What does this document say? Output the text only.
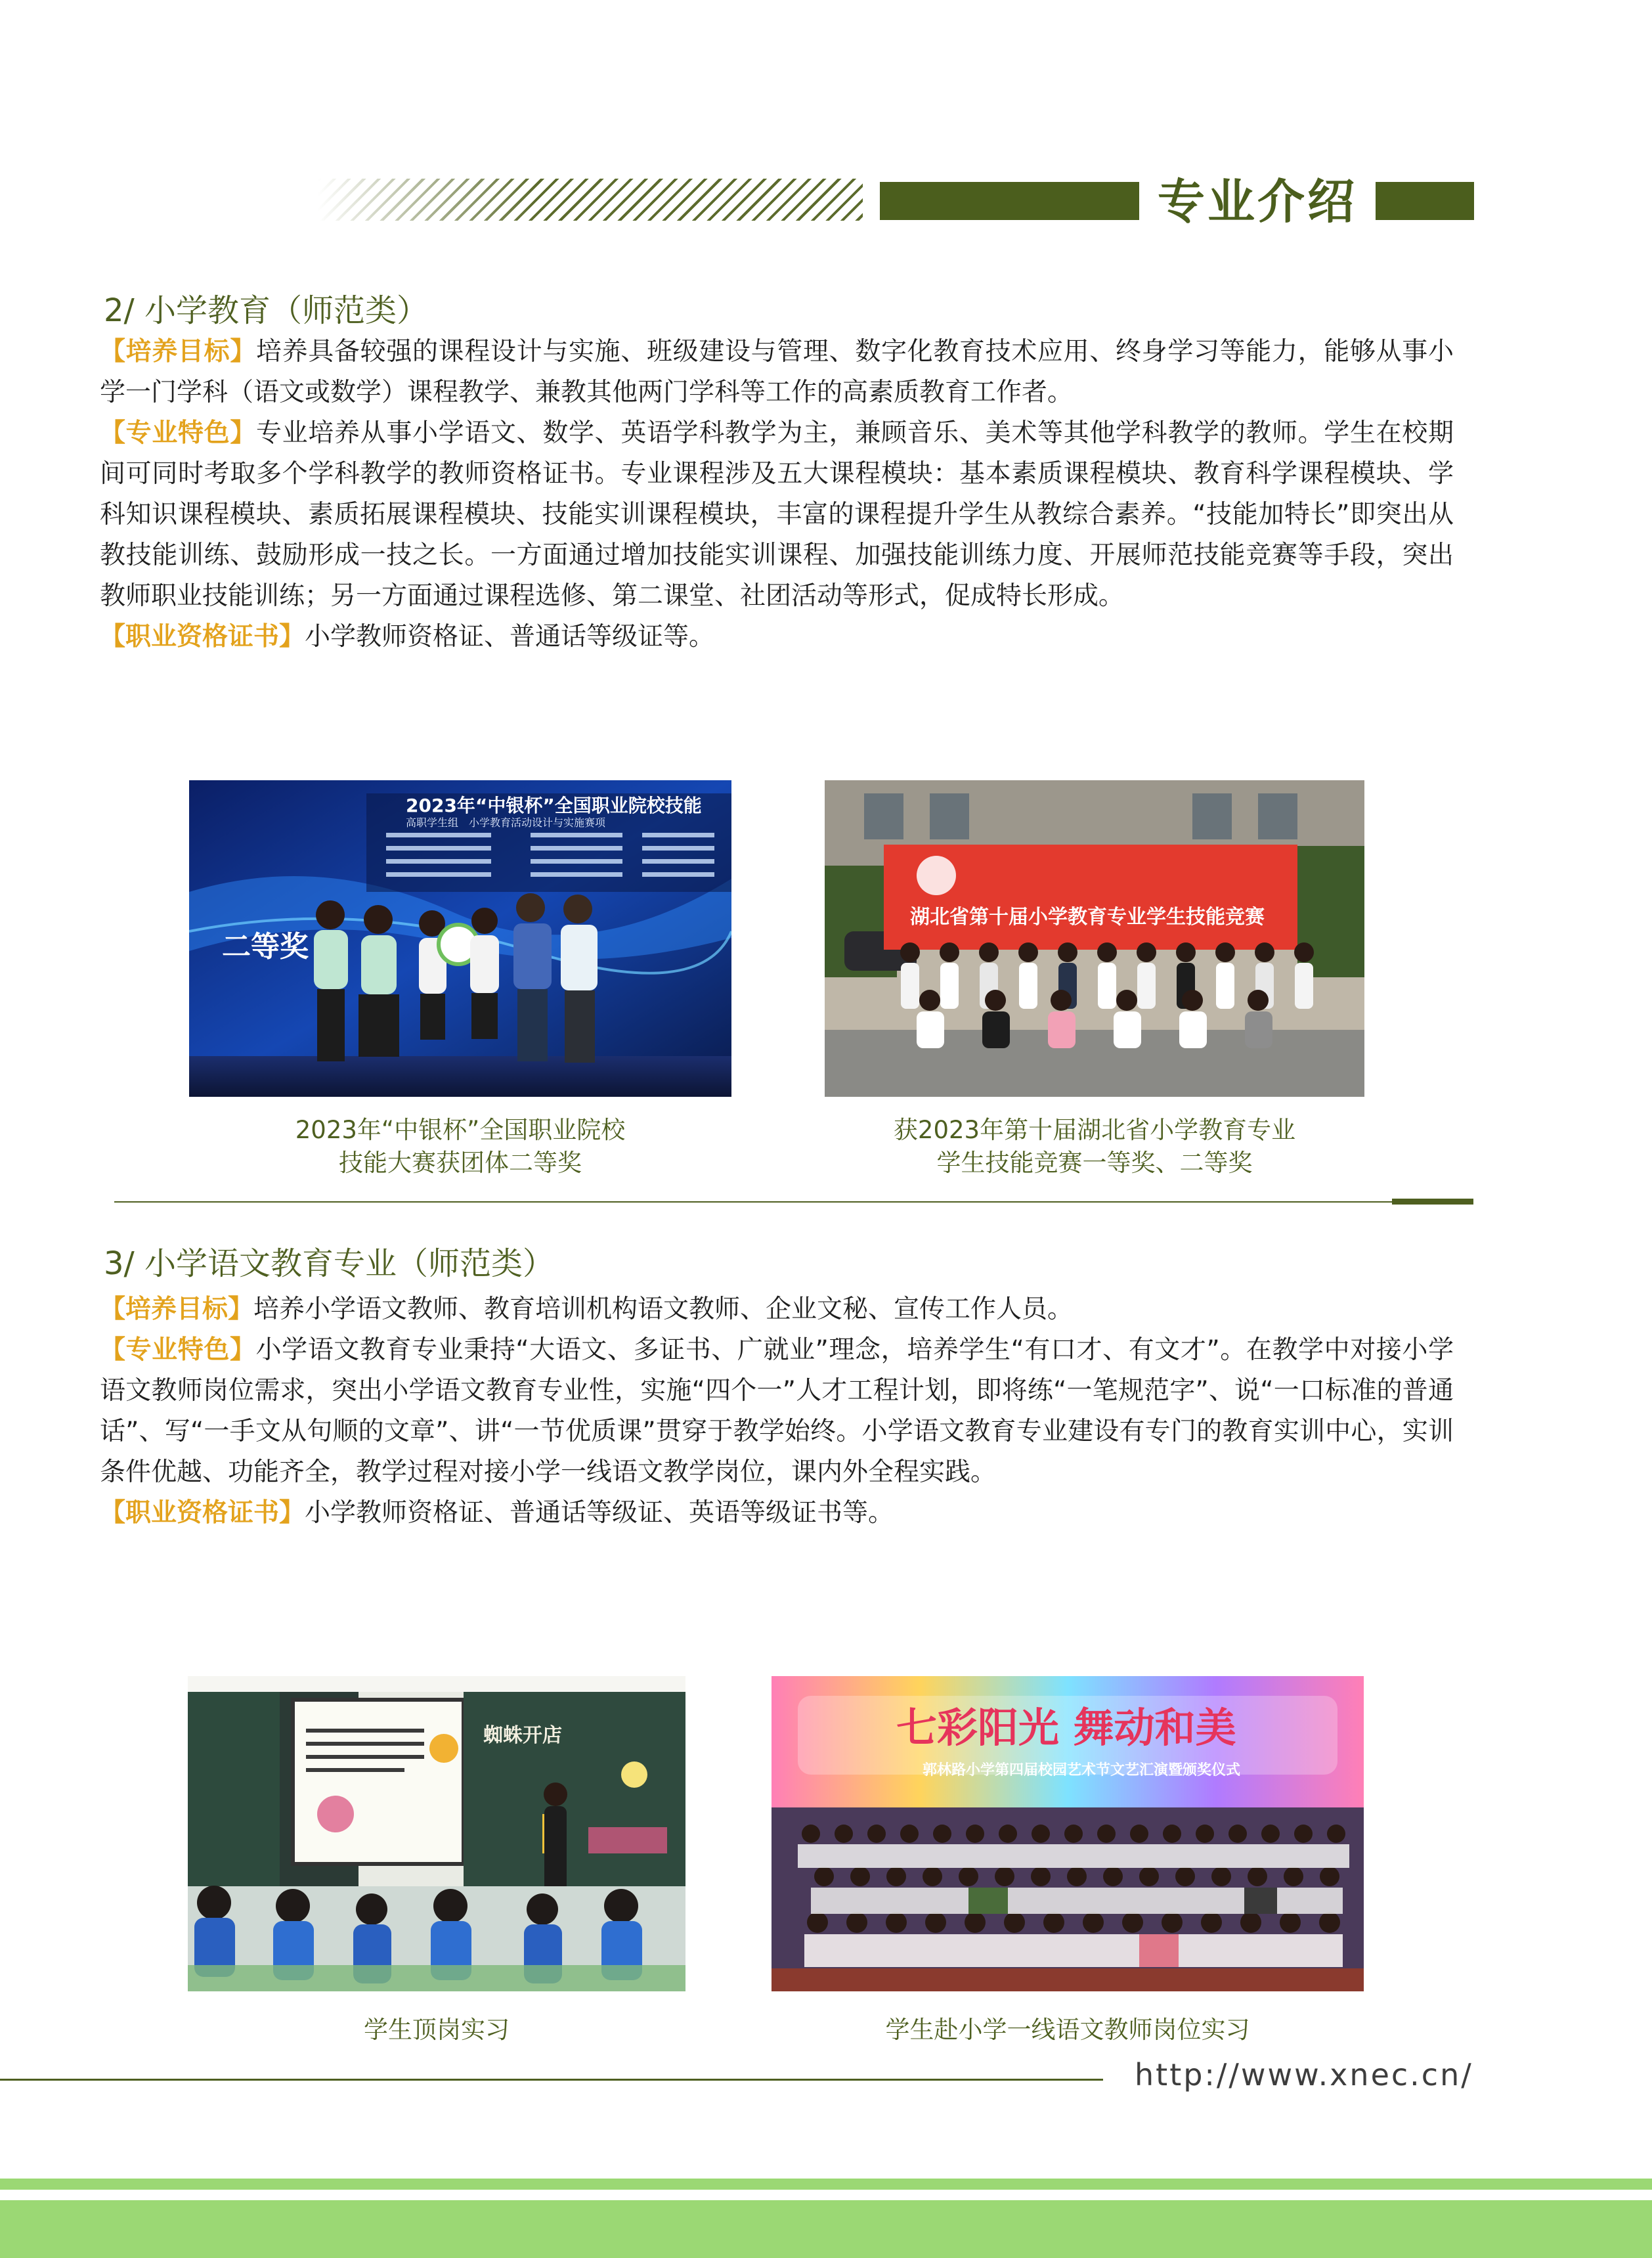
专业介绍
2/ 小学教育（师范类）

【培养目标】培养具备较强的课程设计与实施、班级建设与管理、数字化教育技术应用、终身学习等能力，能够从事小学一门学科（语文或数学）课程教学、兼教其他两门学科等工作的高素质教育工作者。

【专业特色】专业培养从事小学语文、数学、英语学科教学为主，兼顾音乐、美术等其他学科教学的教师。学生在校期间可同时考取多个学科教学的教师资格证书。专业课程涉及五大课程模块：基本素质课程模块、教育科学课程模块、学科知识课程模块、素质拓展课程模块、技能实训课程模块，丰富的课程提升学生从教综合素养。“技能加特长”即突出从教技能训练、鼓励形成一技之长。一方面通过增加技能实训课程、加强技能训练力度、开展师范技能竞赛等手段，突出教师职业技能训练；另一方面通过课程选修、第二课堂、社团活动等形式，促成特长形成。

【职业资格证书】小学教师资格证、普通话等级证等。

二等奖
2023年“中银杯”全国职业院校技能
高职学生组　小学教育活动设计与实施赛项
2023年“中银杯”全国职业院校
技能大赛获团体二等奖
湖北省第十届小学教育专业学生技能竞赛
获2023年第十届湖北省小学教育专业
学生技能竞赛一等奖、二等奖
3/ 小学语文教育专业（师范类）

【培养目标】培养小学语文教师、教育培训机构语文教师、企业文秘、宣传工作人员。

【专业特色】小学语文教育专业秉持“大语文、多证书、广就业”理念，培养学生“有口才、有文才”。在教学中对接小学语文教师岗位需求，突出小学语文教育专业性，实施“四个一”人才工程计划，即将练“一笔规范字”、说“一口标准的普通话”、写“一手文从句顺的文章”、讲“一节优质课”贯穿于教学始终。小学语文教育专业建设有专门的教育实训中心，实训条件优越、功能齐全，教学过程对接小学一线语文教学岗位，课内外全程实践。

【职业资格证书】小学教师资格证、普通话等级证、英语等级证书等。

蜘蛛开店
学生顶岗实习
七彩阳光 舞动和美
郭林路小学第四届校园艺术节文艺汇演暨颁奖仪式
学生赴小学一线语文教师岗位实习
http://www.xnec.cn/
